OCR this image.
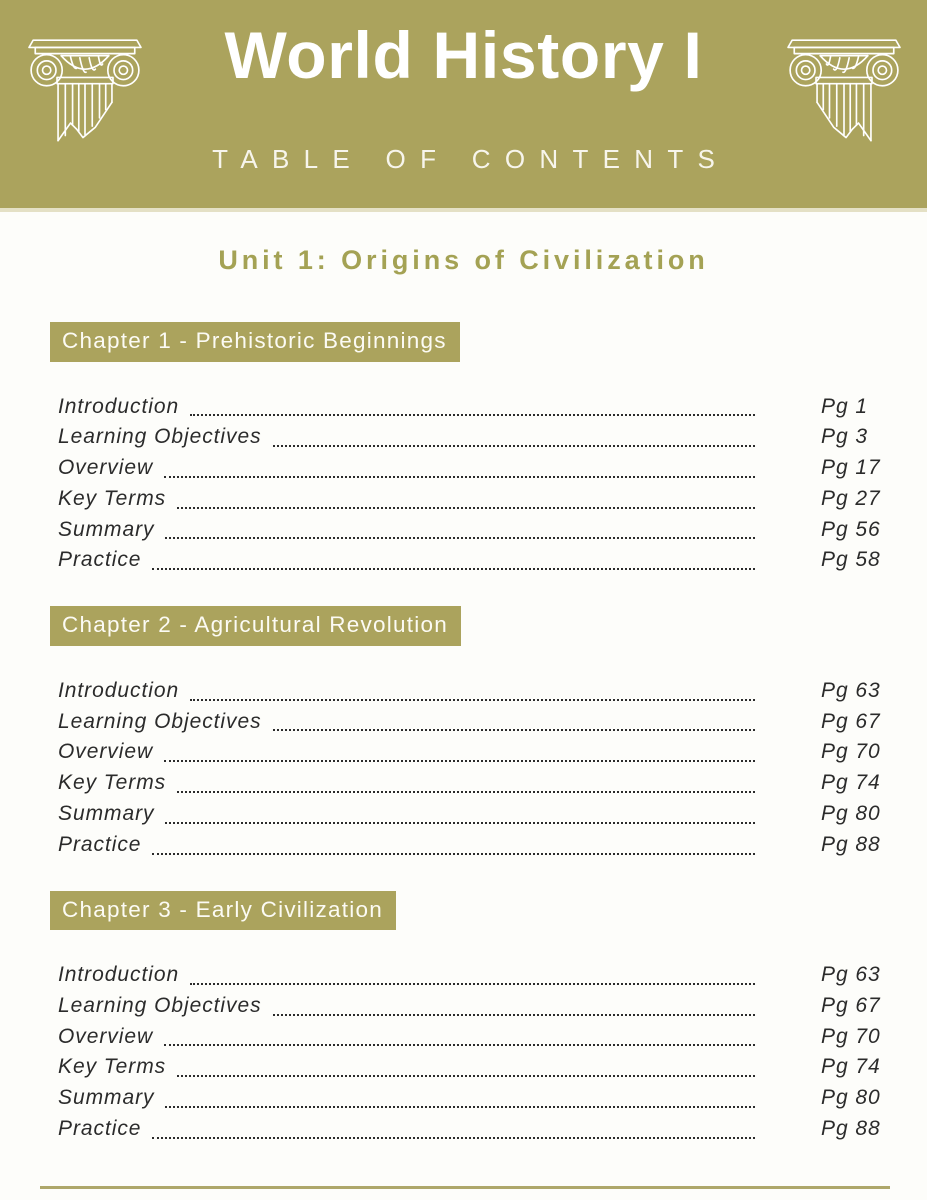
World History I
TABLE OF CONTENTS
Unit 1: Origins of Civilization
Chapter 1 - Prehistoric Beginnings
Introduction	Pg 1
Learning Objectives	Pg 3
Overview	Pg 17
Key Terms	Pg 27
Summary	Pg 56
Practice	Pg 58
Chapter 2 - Agricultural Revolution
Introduction	Pg 63
Learning Objectives	Pg 67
Overview	Pg 70
Key Terms	Pg 74
Summary	Pg 80
Practice	Pg 88
Chapter 3 - Early Civilization
Introduction	Pg 63
Learning Objectives	Pg 67
Overview	Pg 70
Key Terms	Pg 74
Summary	Pg 80
Practice	Pg 88
